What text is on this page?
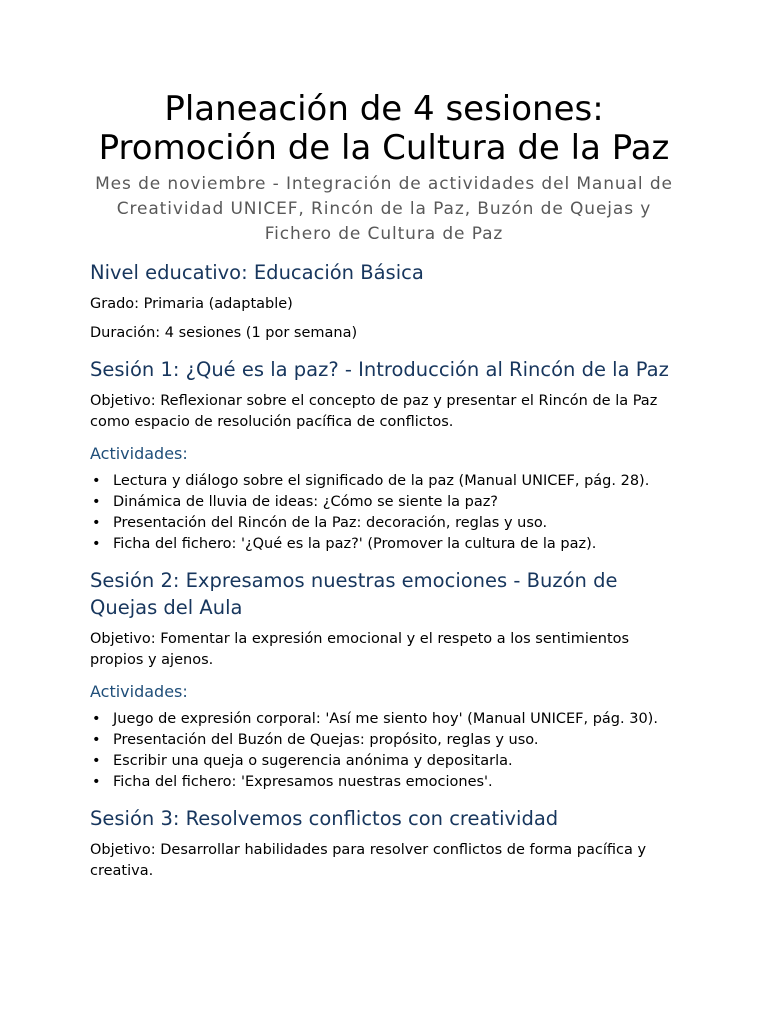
Planeación de 4 sesiones:
Promoción de la Cultura de la Paz

Mes de noviembre - Integración de actividades del Manual de Creatividad UNICEF, Rincón de la Paz, Buzón de Quejas y Fichero de Cultura de Paz

Nivel educativo: Educación Básica

Grado: Primaria (adaptable)

Duración: 4 sesiones (1 por semana)

Sesión 1: ¿Qué es la paz? - Introducción al Rincón de la Paz

Objetivo: Reflexionar sobre el concepto de paz y presentar el Rincón de la Paz como espacio de resolución pacífica de conflictos.

Actividades:
• Lectura y diálogo sobre el significado de la paz (Manual UNICEF, pág. 28).
• Dinámica de lluvia de ideas: ¿Cómo se siente la paz?
• Presentación del Rincón de la Paz: decoración, reglas y uso.
• Ficha del fichero: '¿Qué es la paz?' (Promover la cultura de la paz).
Sesión 2: Expresamos nuestras emociones - Buzón de Quejas del Aula

Objetivo: Fomentar la expresión emocional y el respeto a los sentimientos propios y ajenos.

Actividades:
• Juego de expresión corporal: 'Así me siento hoy' (Manual UNICEF, pág. 30).
• Presentación del Buzón de Quejas: propósito, reglas y uso.
• Escribir una queja o sugerencia anónima y depositarla.
• Ficha del fichero: 'Expresamos nuestras emociones'.
Sesión 3: Resolvemos conflictos con creatividad

Objetivo: Desarrollar habilidades para resolver conflictos de forma pacífica y creativa.
